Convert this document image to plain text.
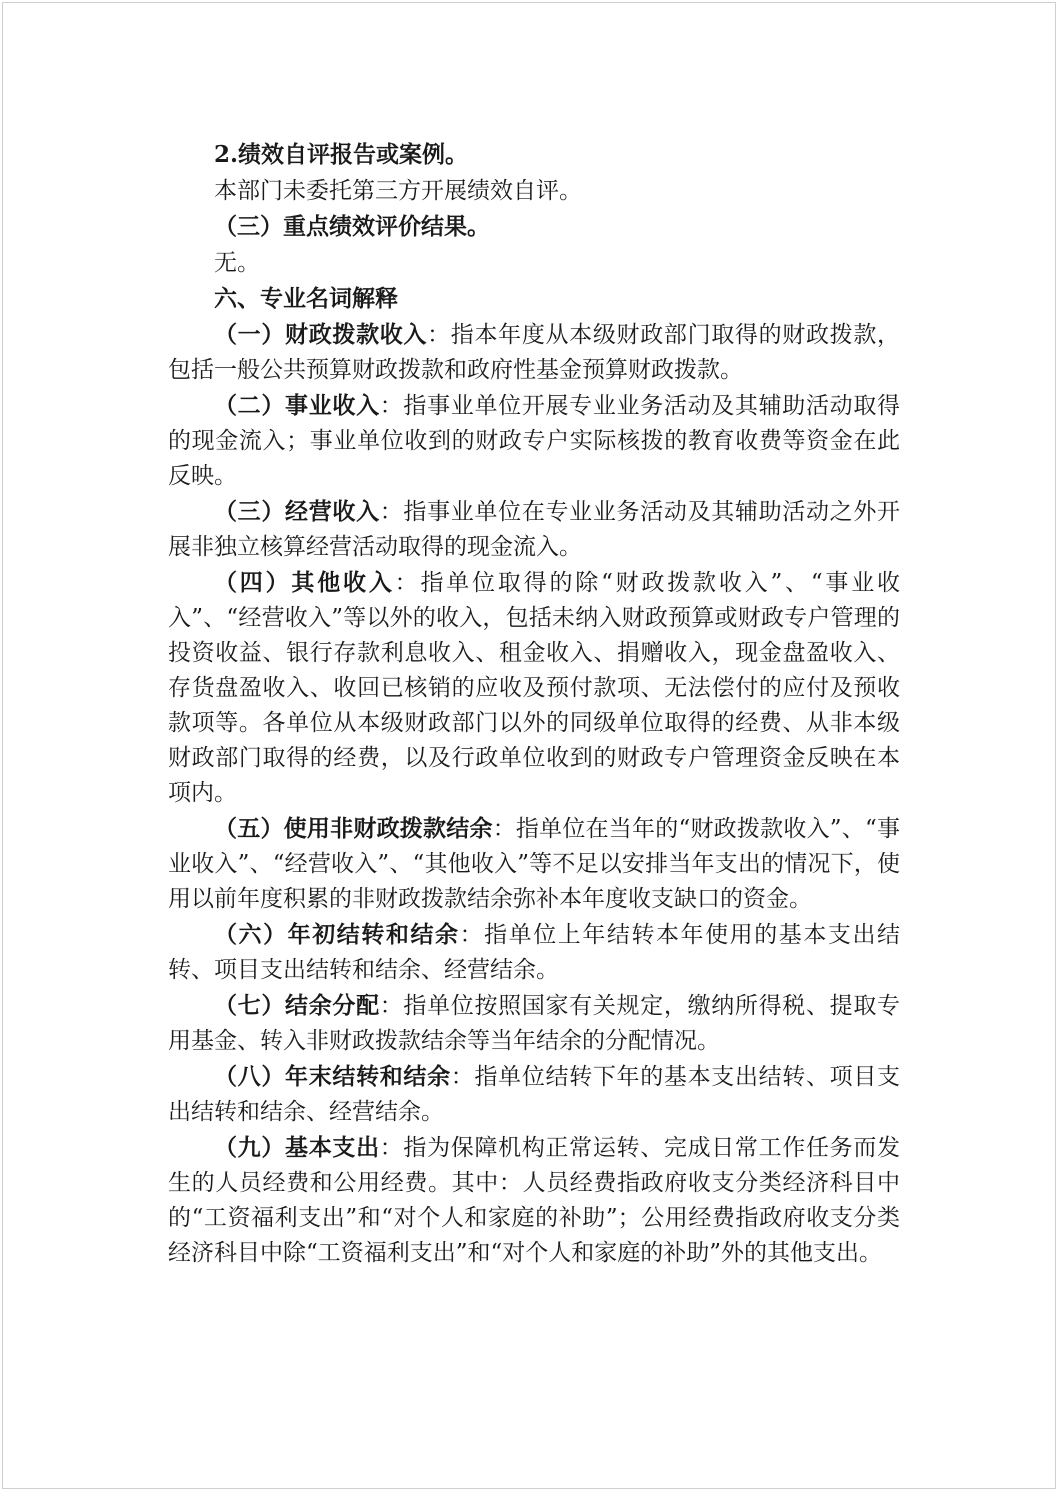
2.绩效自评报告或案例。

本部门未委托第三方开展绩效自评。

（三）重点绩效评价结果。

无。

六、专业名词解释

（一）财政拨款收入：指本年度从本级财政部门取得的财政拨款，包括一般公共预算财政拨款和政府性基金预算财政拨款。

（二）事业收入：指事业单位开展专业业务活动及其辅助活动取得的现金流入；事业单位收到的财政专户实际核拨的教育收费等资金在此反映。

（三）经营收入：指事业单位在专业业务活动及其辅助活动之外开展非独立核算经营活动取得的现金流入。

（四）其他收入：指单位取得的除“财政拨款收入”、“事业收入”、“经营收入”等以外的收入，包括未纳入财政预算或财政专户管理的投资收益、银行存款利息收入、租金收入、捐赠收入，现金盘盈收入、存货盘盈收入、收回已核销的应收及预付款项、无法偿付的应付及预收款项等。各单位从本级财政部门以外的同级单位取得的经费、从非本级财政部门取得的经费，以及行政单位收到的财政专户管理资金反映在本项内。

（五）使用非财政拨款结余：指单位在当年的“财政拨款收入”、“事业收入”、“经营收入”、“其他收入”等不足以安排当年支出的情况下，使用以前年度积累的非财政拨款结余弥补本年度收支缺口的资金。

（六）年初结转和结余：指单位上年结转本年使用的基本支出结转、项目支出结转和结余、经营结余。

（七）结余分配：指单位按照国家有关规定，缴纳所得税、提取专用基金、转入非财政拨款结余等当年结余的分配情况。

（八）年末结转和结余：指单位结转下年的基本支出结转、项目支出结转和结余、经营结余。

（九）基本支出：指为保障机构正常运转、完成日常工作任务而发生的人员经费和公用经费。其中：人员经费指政府收支分类经济科目中的“工资福利支出”和“对个人和家庭的补助”；公用经费指政府收支分类经济科目中除“工资福利支出”和“对个人和家庭的补助”外的其他支出。
